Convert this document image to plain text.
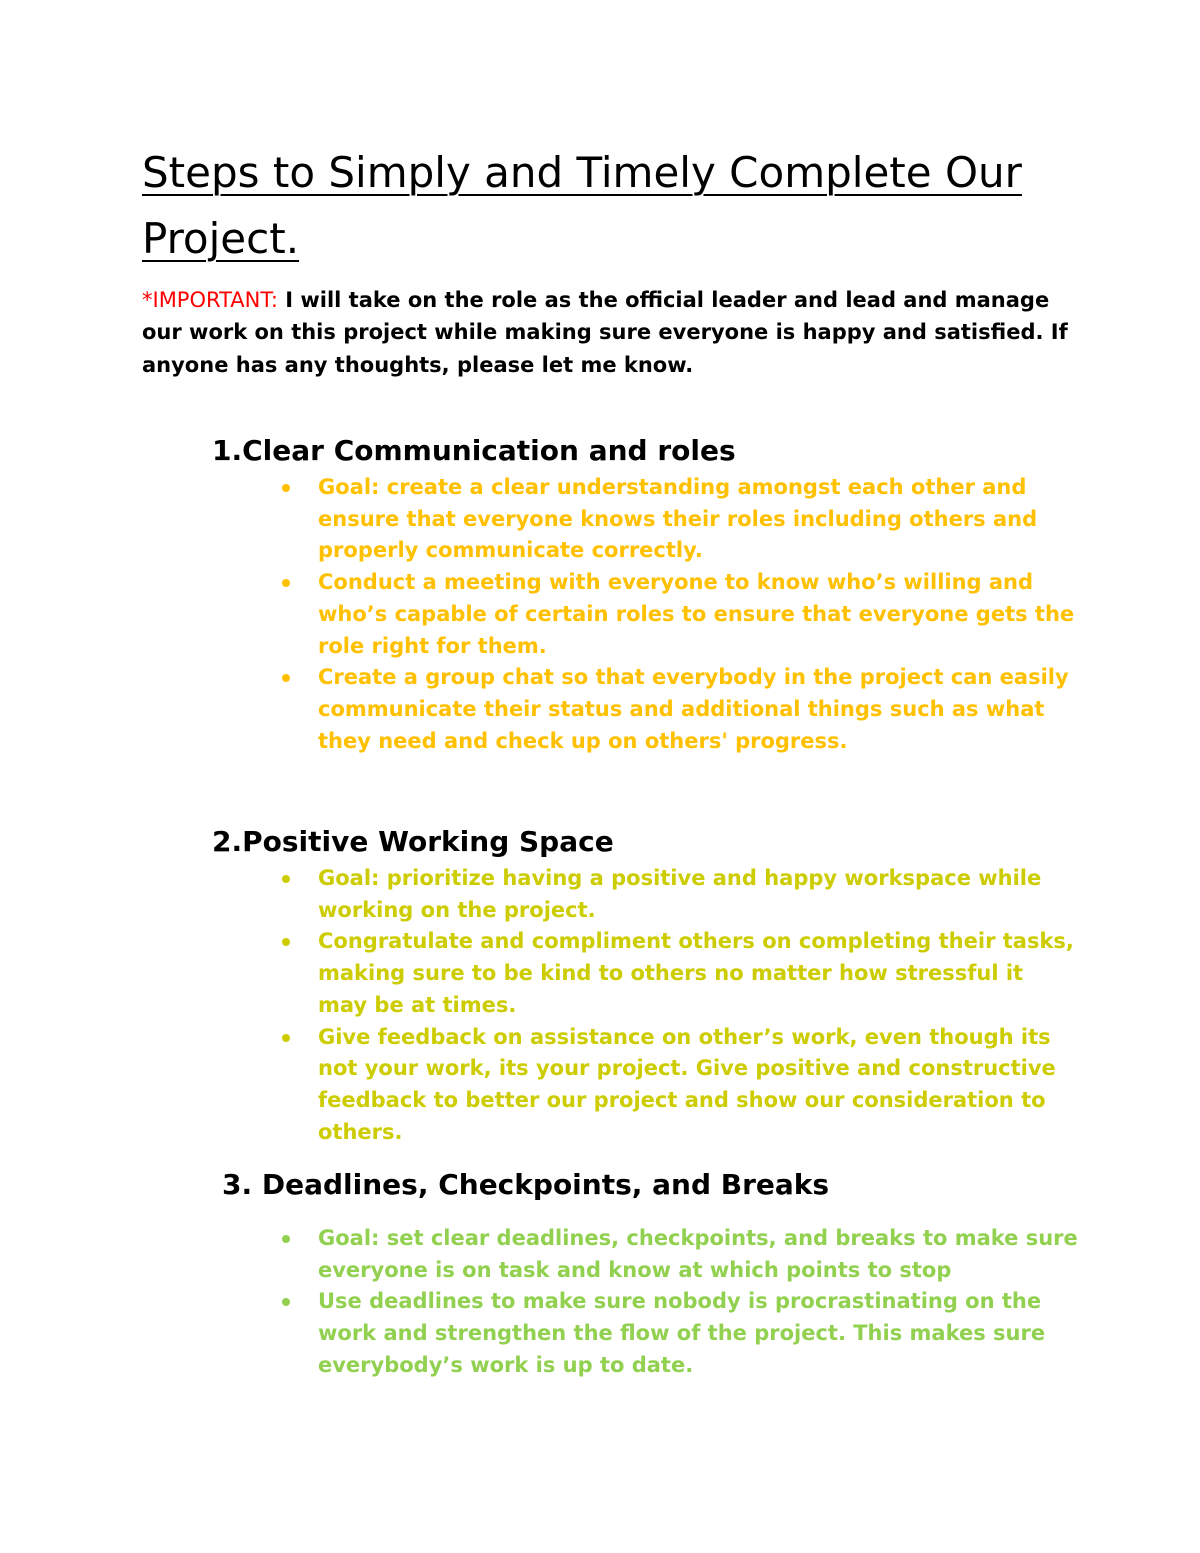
Steps to Simply and Timely Complete Our Project.

*IMPORTANT: I will take on the role as the official leader and lead and manage our work on this project while making sure everyone is happy and satisfied. If anyone has any thoughts, please let me know.

1.Clear Communication and roles
Goal: create a clear understanding amongst each other and ensure that everyone knows their roles including others and properly communicate correctly.
Conduct a meeting with everyone to know who’s willing and who’s capable of certain roles to ensure that everyone gets the role right for them.
Create a group chat so that everybody in the project can easily communicate their status and additional things such as what they need and check up on others' progress.
2.Positive Working Space
Goal: prioritize having a positive and happy workspace while working on the project.
Congratulate and compliment others on completing their tasks, making sure to be kind to others no matter how stressful it may be at times.
Give feedback on assistance on other’s work, even though its not your work, its your project. Give positive and constructive feedback to better our project and show our consideration to others.
3. Deadlines, Checkpoints, and Breaks
Goal: set clear deadlines, checkpoints, and breaks to make sure everyone is on task and know at which points to stop
Use deadlines to make sure nobody is procrastinating on the work and strengthen the flow of the project. This makes sure everybody’s work is up to date.
